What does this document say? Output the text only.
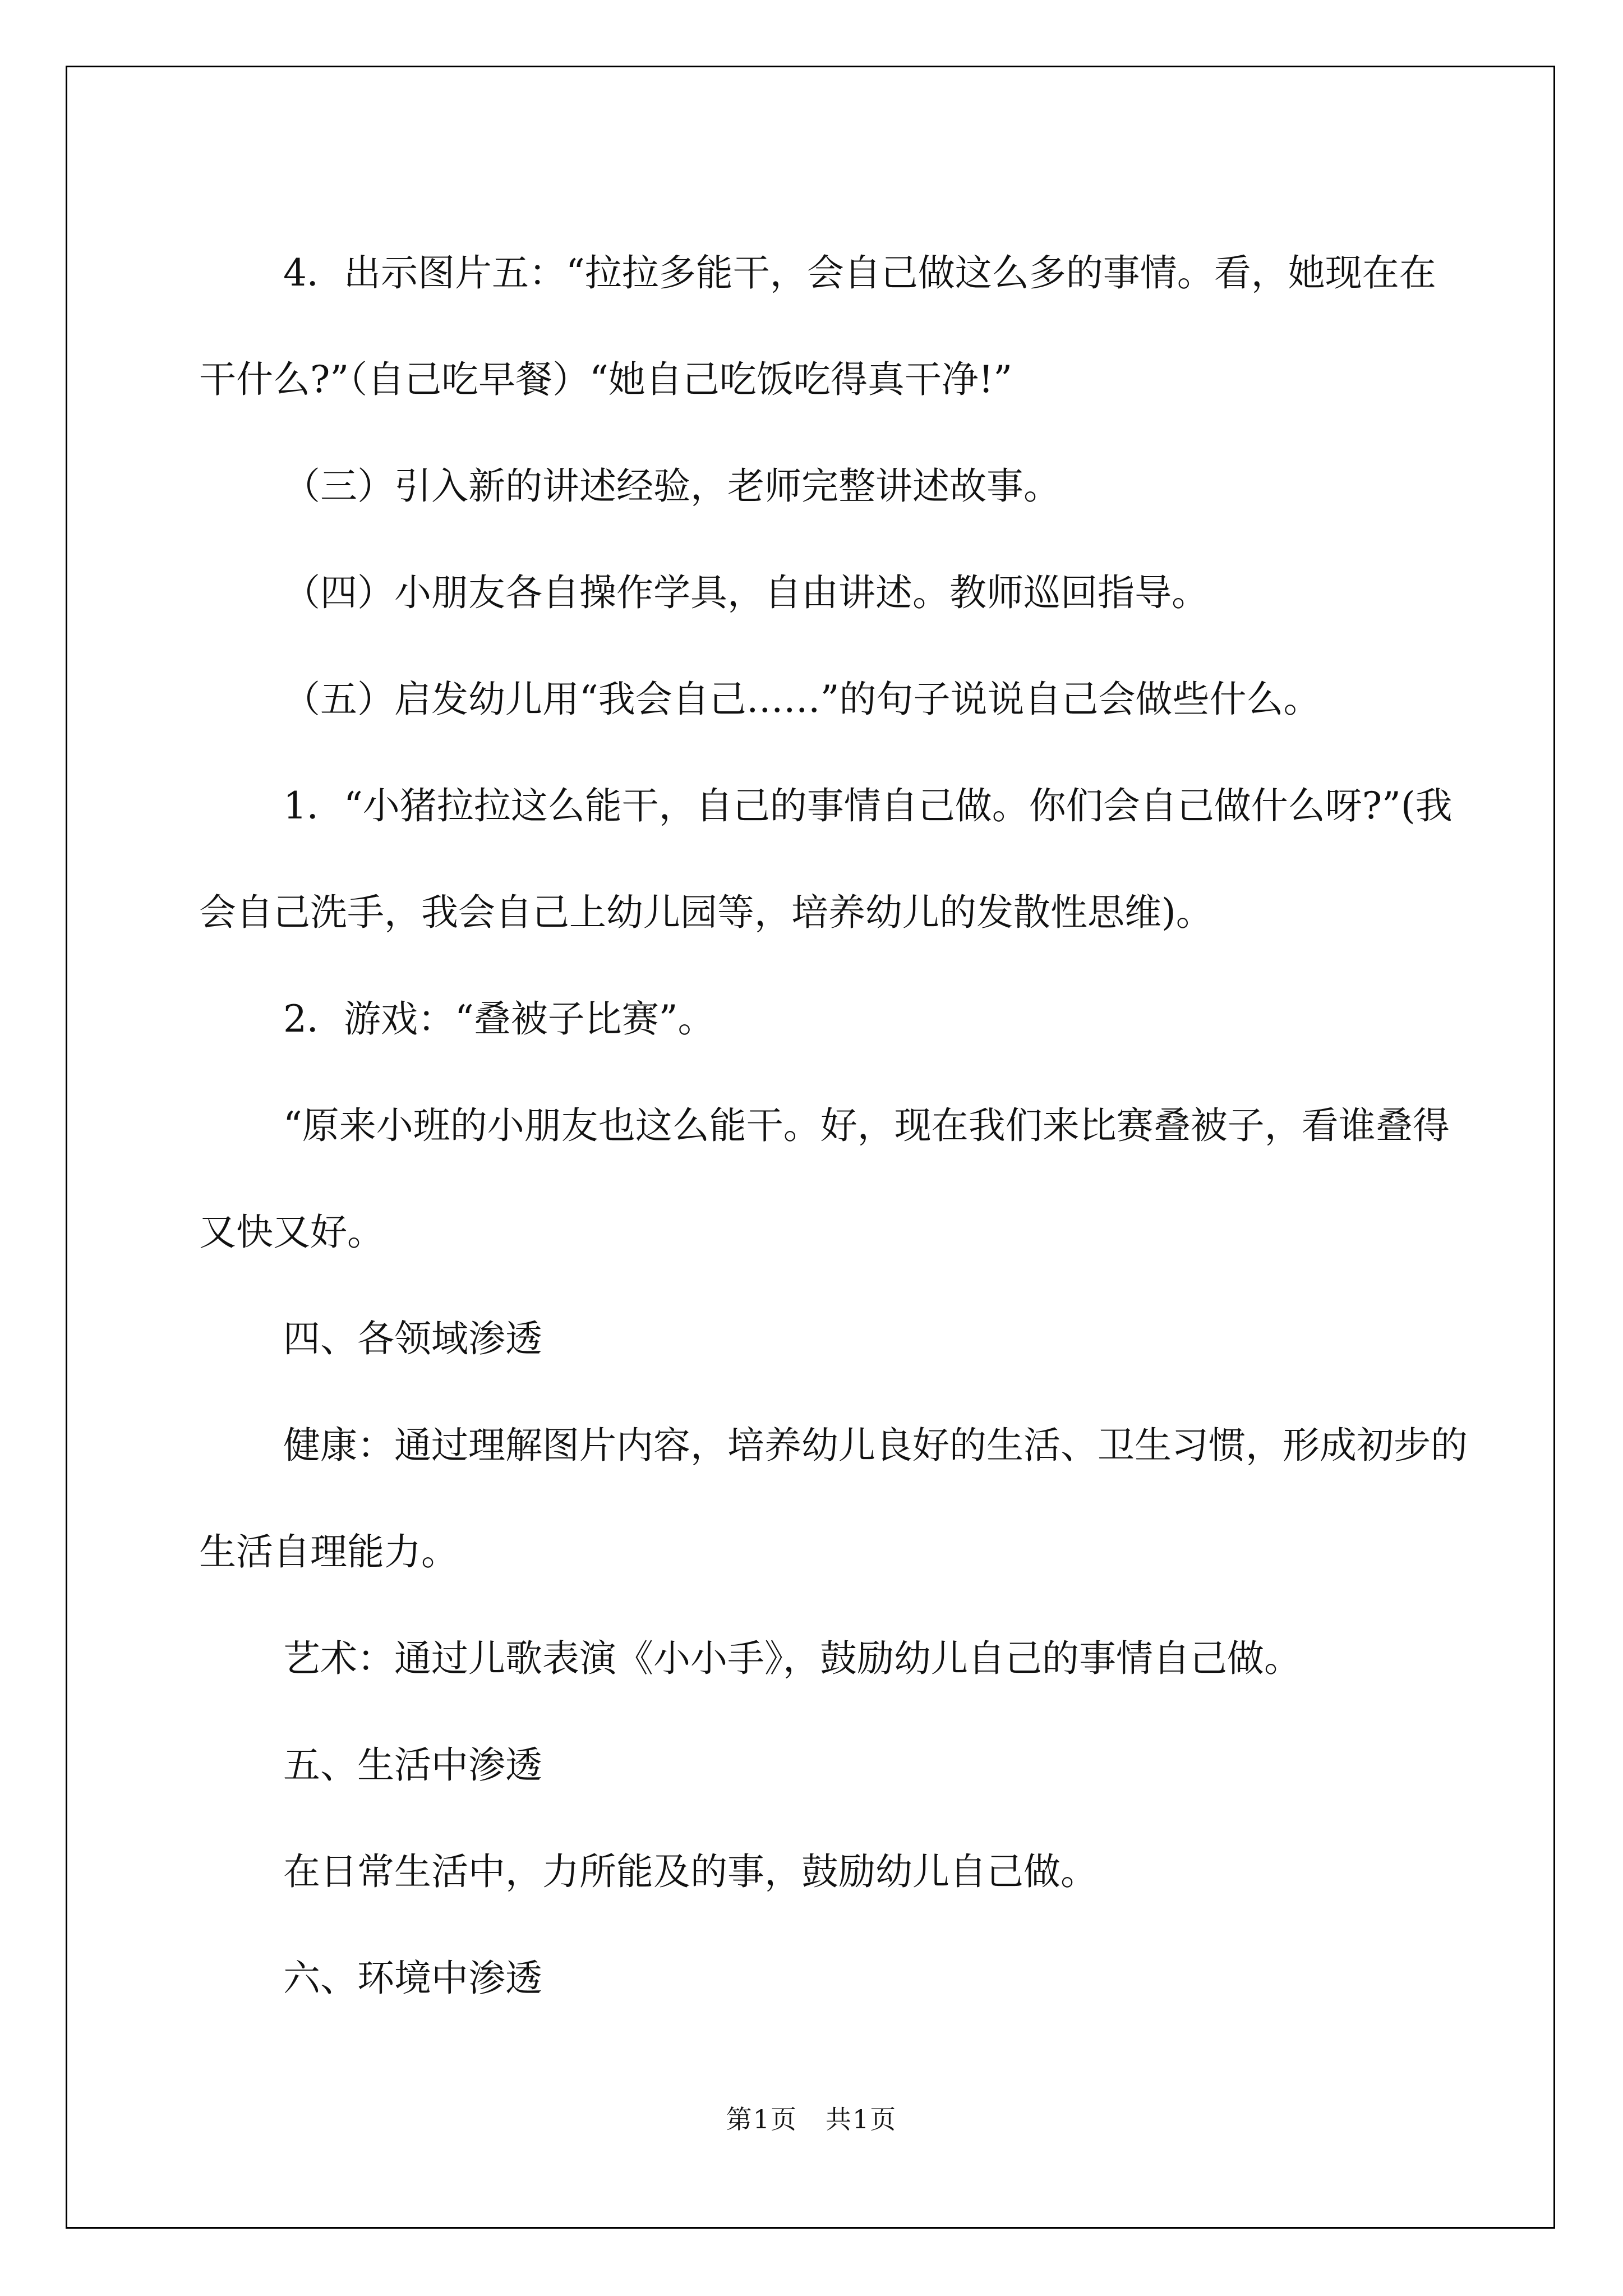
4．出示图片五：“拉拉多能干，会自己做这么多的事情。看，她现在在干什么?”（自己吃早餐）“她自己吃饭吃得真干净!”

（三）引入新的讲述经验，老师完整讲述故事。

（四）小朋友各自操作学具，自由讲述。教师巡回指导。

（五）启发幼儿用“我会自己……”的句子说说自己会做些什么。

1．“小猪拉拉这么能干，自己的事情自己做。你们会自己做什么呀?”(我会自己洗手，我会自己上幼儿园等，培养幼儿的发散性思维)。

2．游戏：“叠被子比赛”。

“原来小班的小朋友也这么能干。好，现在我们来比赛叠被子，看谁叠得又快又好。

四、各领域渗透

健康：通过理解图片内容，培养幼儿良好的生活、卫生习惯，形成初步的生活自理能力。

艺术：通过儿歌表演《小小手》，鼓励幼儿自己的事情自己做。

五、生活中渗透

在日常生活中，力所能及的事，鼓励幼儿自己做。

六、环境中渗透

第1页 共1页
